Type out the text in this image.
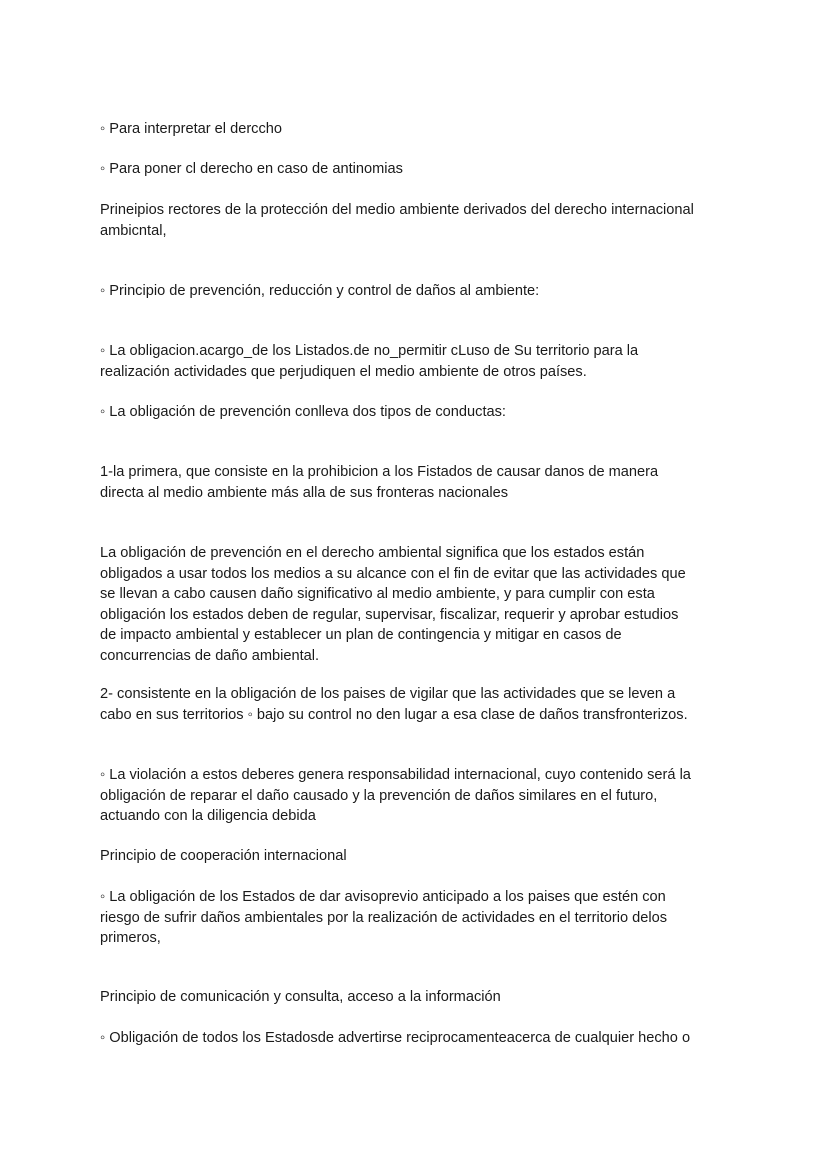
◦ Para interpretar el dercсho
◦ Para poner cl derecho en caso de antinomias
Prineipios rectores de la protección del medio ambiente derivados del derecho internacional
ambicntal,
◦ Principio de prevención, reducción y control de daños al ambiente:
◦ La obligacion.acargo_de los Listados.de no_permitir cLuso de Su territorio para la
realización actividades que perjudiquen el medio ambiente de otros países.
◦ La obligación de prevención conlleva dos tipos de conductas:
1-la primera, que consiste en la prohibicion a los Fistados de causar danos de manera
directa al medio ambiente más alla de sus fronteras nacionales
La obligación de prevención en el derecho ambiental significa que los estados están
obligados a usar todos los medios a su alcance con el fin de evitar que las actividades que
se llevan a cabo causen daño significativo al medio ambiente, y para cumplir con esta
obligación los estados deben de regular, supervisar, fiscalizar, requerir y aprobar estudios
de impacto ambiental y establecer un plan de contingencia y mitigar en casos de
concurrencias de daño ambiental.
2- consistente en la obligación de los paises de vigilar que las actividades que se leven a
cabo en sus territorios ◦ bajo su control no den lugar a esa clase de daños transfronterizos.
◦ La violación a estos deberes genera responsabilidad internacional, cuyo contenido será la
obligación de reparar el daño causado y la prevención de daños similares en el futuro,
actuando con la diligencia debida
Principio de cooperación internacional
◦ La obligación de los Estados de dar avisoprevio anticipado a los paises que estén con
riesgo de sufrir daños ambientales por la realización de actividades en el territorio delos
primeros,
Principio de comunicación y consulta, acceso a la información
◦ Obligación de todos los Estadosde advertirse reciprocamenteacerca de cualquier hecho o
